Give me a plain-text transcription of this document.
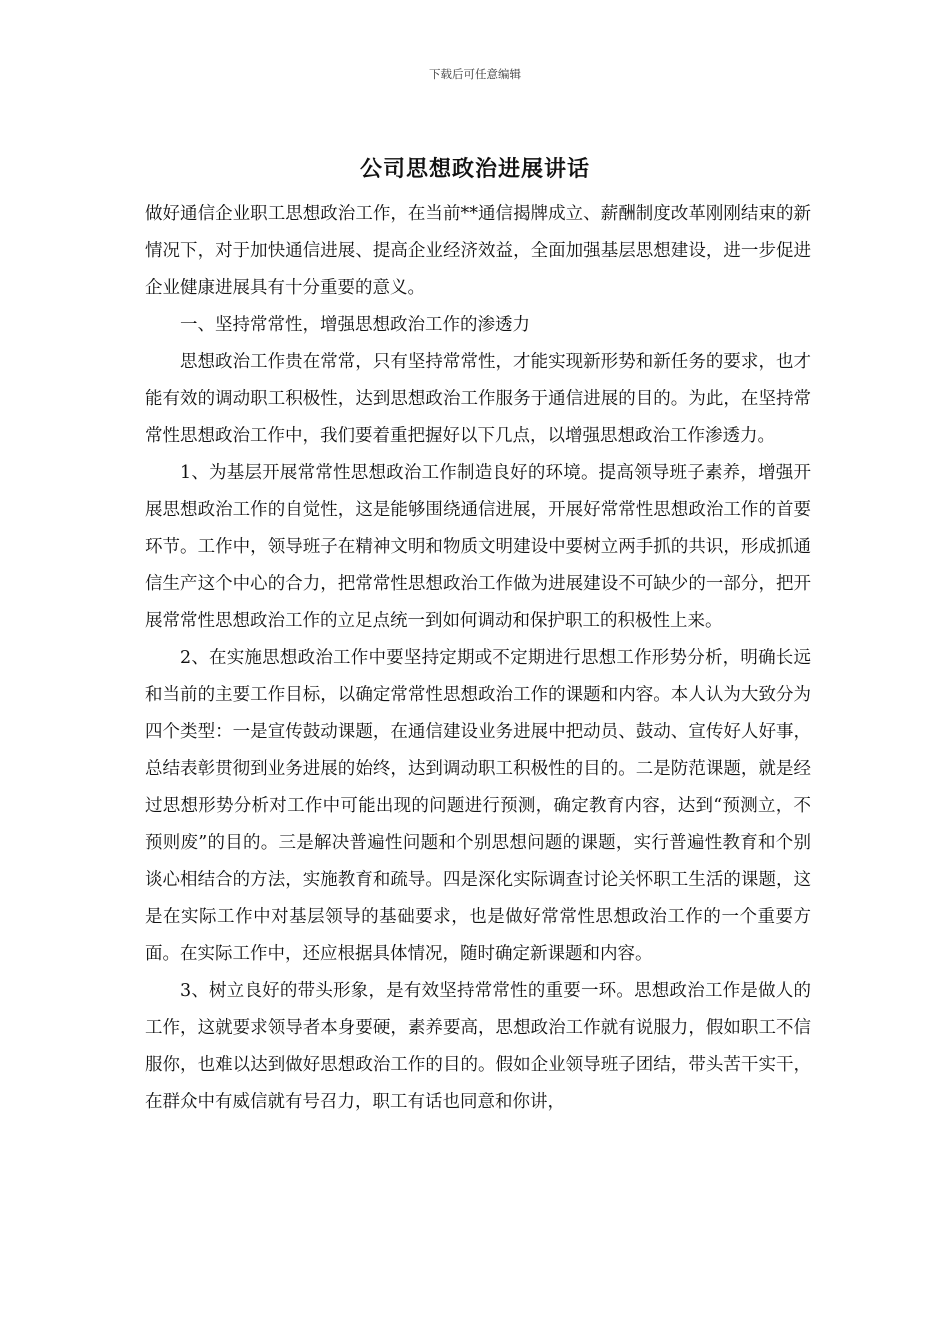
下载后可任意编辑
公司思想政治进展讲话

做好通信企业职工思想政治工作，在当前**通信揭牌成立、薪酬制度改革刚刚结束的新情况下，对于加快通信进展、提高企业经济效益，全面加强基层思想建设，进一步促进企业健康进展具有十分重要的意义。

一、坚持常常性，增强思想政治工作的渗透力

思想政治工作贵在常常，只有坚持常常性，才能实现新形势和新任务的要求，也才能有效的调动职工积极性，达到思想政治工作服务于通信进展的目的。为此，在坚持常常性思想政治工作中，我们要着重把握好以下几点，以增强思想政治工作渗透力。

1、为基层开展常常性思想政治工作制造良好的环境。提高领导班子素养，增强开展思想政治工作的自觉性，这是能够围绕通信进展，开展好常常性思想政治工作的首要环节。工作中，领导班子在精神文明和物质文明建设中要树立两手抓的共识，形成抓通信生产这个中心的合力，把常常性思想政治工作做为进展建设不可缺少的一部分，把开展常常性思想政治工作的立足点统一到如何调动和保护职工的积极性上来。

2、在实施思想政治工作中要坚持定期或不定期进行思想工作形势分析，明确长远和当前的主要工作目标，以确定常常性思想政治工作的课题和内容。本人认为大致分为四个类型：一是宣传鼓动课题，在通信建设业务进展中把动员、鼓动、宣传好人好事，总结表彰贯彻到业务进展的始终，达到调动职工积极性的目的。二是防范课题，就是经过思想形势分析对工作中可能出现的问题进行预测，确定教育内容，达到“预测立，不预则废”的目的。三是解决普遍性问题和个别思想问题的课题，实行普遍性教育和个别谈心相结合的方法，实施教育和疏导。四是深化实际调查讨论关怀职工生活的课题，这是在实际工作中对基层领导的基础要求，也是做好常常性思想政治工作的一个重要方面。在实际工作中，还应根据具体情况，随时确定新课题和内容。

3、树立良好的带头形象，是有效坚持常常性的重要一环。思想政治工作是做人的工作，这就要求领导者本身要硬，素养要高，思想政治工作就有说服力，假如职工不信服你，也难以达到做好思想政治工作的目的。假如企业领导班子团结，带头苦干实干，在群众中有威信就有号召力，职工有话也同意和你讲，
